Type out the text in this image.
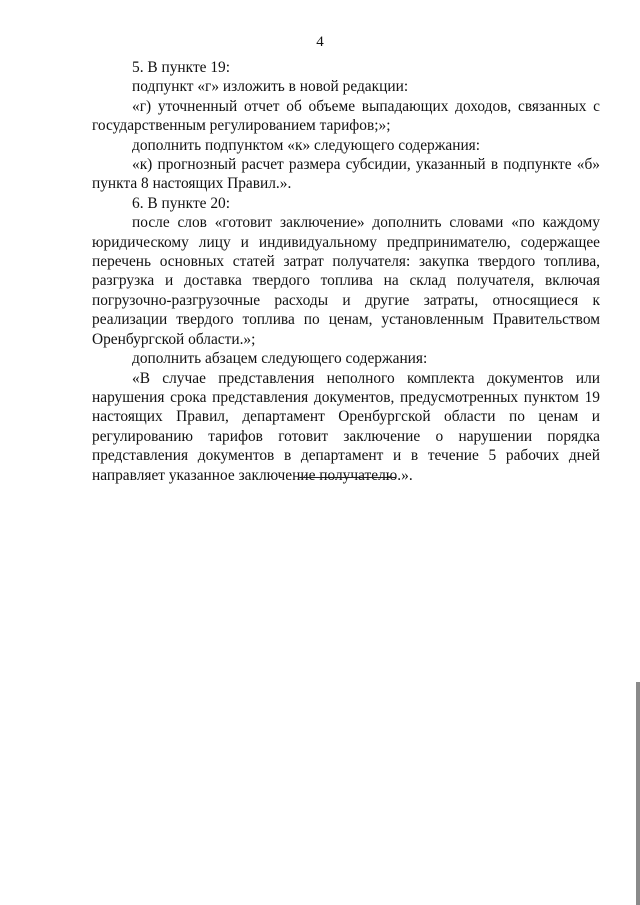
4

5. В пункте 19:

подпункт «г» изложить в новой редакции:

«г) уточненный отчет об объеме выпадающих доходов, связанных с государственным регулированием тарифов;»;

дополнить подпунктом «к» следующего содержания:

«к) прогнозный расчет размера субсидии, указанный в подпункте «б» пункта 8 настоящих Правил.».

6. В пункте 20:

после слов «готовит заключение» дополнить словами «по каждому юридическому лицу и индивидуальному предпринимателю, содержащее перечень основных статей затрат получателя: закупка твердого топлива, разгрузка и доставка твердого топлива на склад получателя, включая погрузочно-разгрузочные расходы и другие затраты, относящиеся к реализации твердого топлива по ценам, установленным Правительством Оренбургской области.»;

дополнить абзацем следующего содержания:

«В случае представления неполного комплекта документов или нарушения срока представления документов, предусмотренных пунктом 19 настоящих Правил, департамент Оренбургской области по ценам и регулированию тарифов готовит заключение о нарушении порядка представления документов в департамент и в течение 5 рабочих дней направляет указанное заключение получателю.».
